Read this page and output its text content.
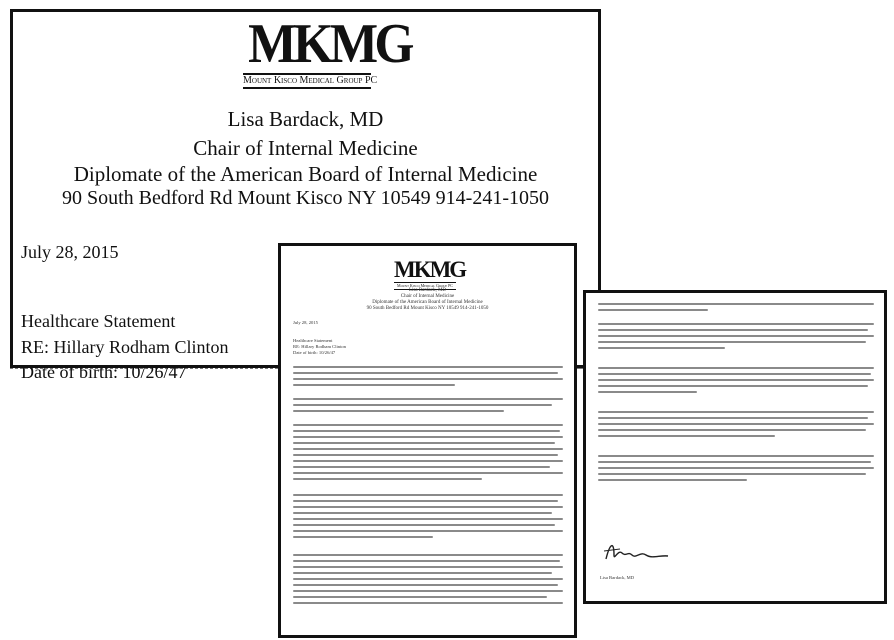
MKMG
Mount Kisco Medical Group PC
Lisa Bardack, MD
Chair of Internal Medicine
Diplomate of the American Board of Internal Medicine
90 South Bedford Rd Mount Kisco NY 10549 914-241-1050
July 28, 2015
Healthcare Statement
RE: Hillary Rodham Clinton
Date of birth: 10/26/47
MKMG
Mount Kisco Medical Group PC
Lisa Bardack, MD
Chair of Internal Medicine
Diplomate of the American Board of Internal Medicine
90 South Bedford Rd Mount Kisco NY 10549 914-241-1050
July 28, 2015
Healthcare Statement
RE: Hillary Rodham Clinton
Date of birth: 10/26/47
Lisa Bardack, MD
